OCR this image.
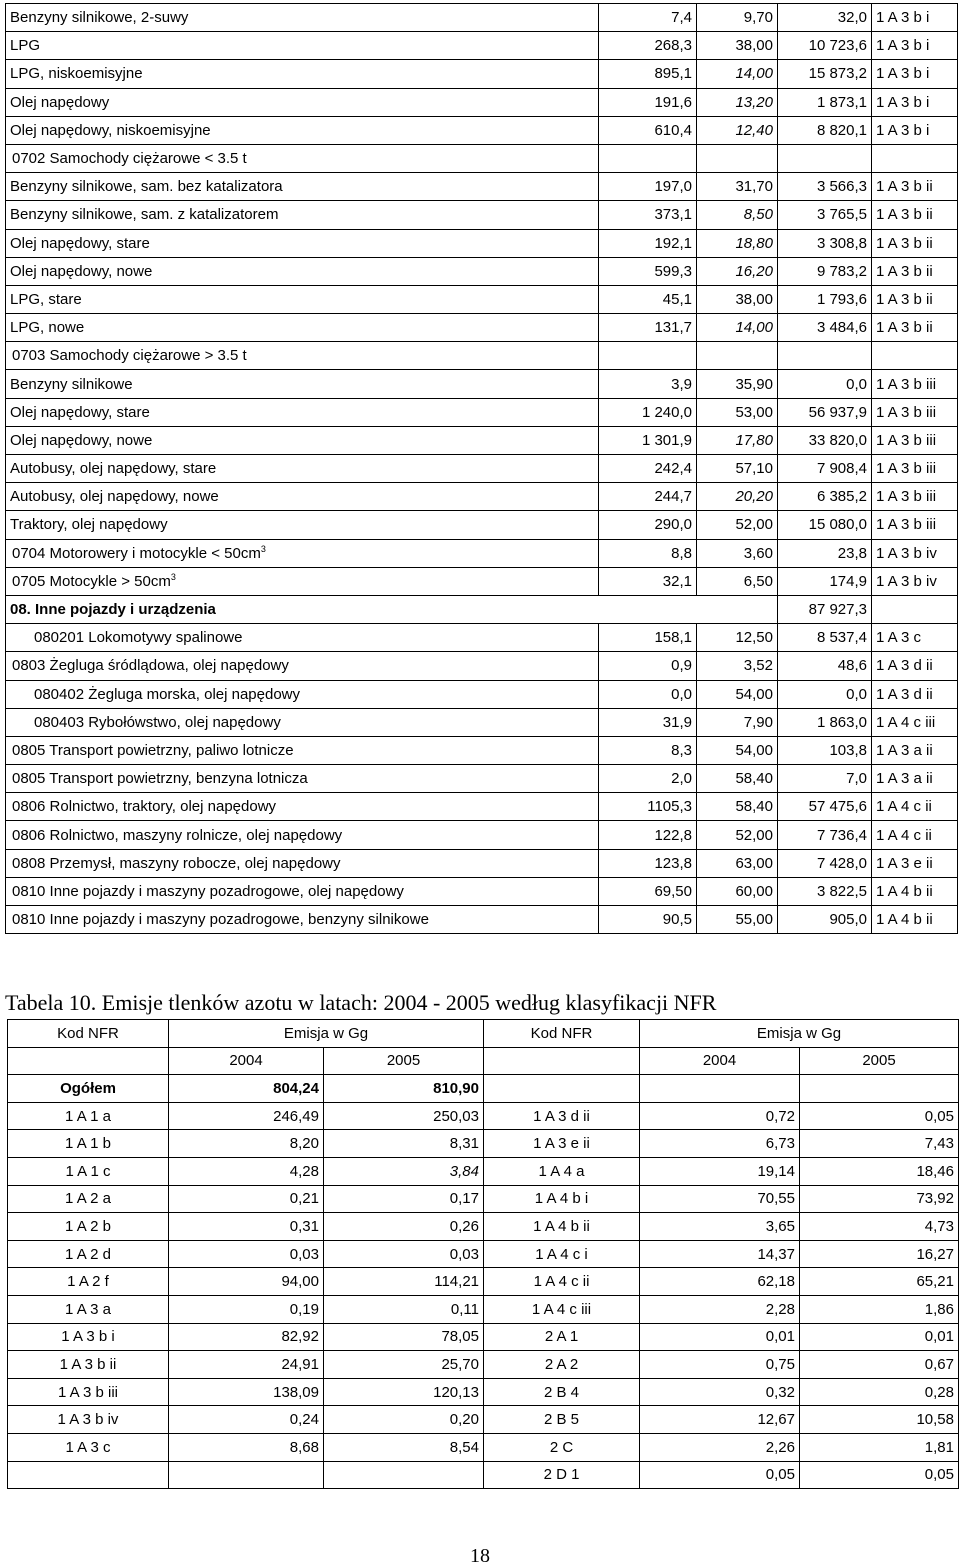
Benzyny silnikowe, 2-suwy	7,4	9,70	32,0	1 A 3 b i
LPG	268,3	38,00	10 723,6	1 A 3 b i
LPG, niskoemisyjne	895,1	14,00	15 873,2	1 A 3 b i
Olej napędowy	191,6	13,20	1 873,1	1 A 3 b i
Olej napędowy, niskoemisyjne	610,4	12,40	8 820,1	1 A 3 b i
0702 Samochody ciężarowe < 3.5 t				
Benzyny silnikowe, sam. bez katalizatora	197,0	31,70	3 566,3	1 A 3 b ii
Benzyny silnikowe, sam. z katalizatorem	373,1	8,50	3 765,5	1 A 3 b ii
Olej napędowy, stare	192,1	18,80	3 308,8	1 A 3 b ii
Olej napędowy, nowe	599,3	16,20	9 783,2	1 A 3 b ii
LPG, stare	45,1	38,00	1 793,6	1 A 3 b ii
LPG, nowe	131,7	14,00	3 484,6	1 A 3 b ii
0703 Samochody ciężarowe > 3.5 t				
Benzyny silnikowe	3,9	35,90	0,0	1 A 3 b iii
Olej napędowy, stare	1 240,0	53,00	56 937,9	1 A 3 b iii
Olej napędowy, nowe	1 301,9	17,80	33 820,0	1 A 3 b iii
Autobusy, olej napędowy, stare	242,4	57,10	7 908,4	1 A 3 b iii
Autobusy, olej napędowy, nowe	244,7	20,20	6 385,2	1 A 3 b iii
Traktory, olej napędowy	290,0	52,00	15 080,0	1 A 3 b iii
0704 Motorowery i motocykle < $50cm^3$	8,8	3,60	23,8	1 A 3 b iv
0705 Motocykle > $50cm^3$	32,1	6,50	174,9	1 A 3 b iv
08. Inne pojazdy i urządzenia			87 927,3	
080201 Lokomotywy spalinowe	158,1	12,50	8 537,4	1 A 3 c
0803 Żegluga śródlądowa, olej napędowy	0,9	3,52	48,6	1 A 3 d ii
080402 Żegluga morska, olej napędowy	0,0	54,00	0,0	1 A 3 d ii
080403 Rybołówstwo, olej napędowy	31,9	7,90	1 863,0	1 A 4 c iii
0805 Transport powietrzny, paliwo lotnicze	8,3	54,00	103,8	1 A 3 a ii
0805 Transport powietrzny, benzyna lotnicza	2,0	58,40	7,0	1 A 3 a ii
0806 Rolnictwo, traktory, olej napędowy	1105,3	58,40	57 475,6	1 A 4 c ii
0806 Rolnictwo, maszyny rolnicze, olej napędowy	122,8	52,00	7 736,4	1 A 4 c ii
0808 Przemysł, maszyny robocze, olej napędowy	123,8	63,00	7 428,0	1 A 3 e ii
0810 Inne pojazdy i maszyny pozadrogowe, olej napędowy	69,50	60,00	3 822,5	1 A 4 b ii
0810 Inne pojazdy i maszyny pozadrogowe, benzyny silnikowe	90,5	55,00	905,0	1 A 4 b ii
Tabela 10. Emisje tlenków azotu w latach: 2004 - 2005 według klasyfikacji NFR
Kod NFR	Emisja w Gg		Kod NFR	Emisja w Gg	
	2004	2005		2004	2005
Ogółem	804,24	810,90			
1 A 1 a	246,49	250,03	1 A 3 d ii	0,72	0,05
1 A 1 b	8,20	8,31	1 A 3 e ii	6,73	7,43
1 A 1 c	4,28	3,84	1 A 4 a	19,14	18,46
1 A 2 a	0,21	0,17	1 A 4 b i	70,55	73,92
1 A 2 b	0,31	0,26	1 A 4 b ii	3,65	4,73
1 A 2 d	0,03	0,03	1 A 4 c i	14,37	16,27
1 A 2 f	94,00	114,21	1 A 4 c ii	62,18	65,21
1 A 3 a	0,19	0,11	1 A 4 c iii	2,28	1,86
1 A 3 b i	82,92	78,05	2 A 1	0,01	0,01
1 A 3 b ii	24,91	25,70	2 A 2	0,75	0,67
1 A 3 b iii	138,09	120,13	2 B 4	0,32	0,28
1 A 3 b iv	0,24	0,20	2 B 5	12,67	10,58
1 A 3 c	8,68	8,54	2 C	2,26	1,81
			2 D 1	0,05	0,05
18
